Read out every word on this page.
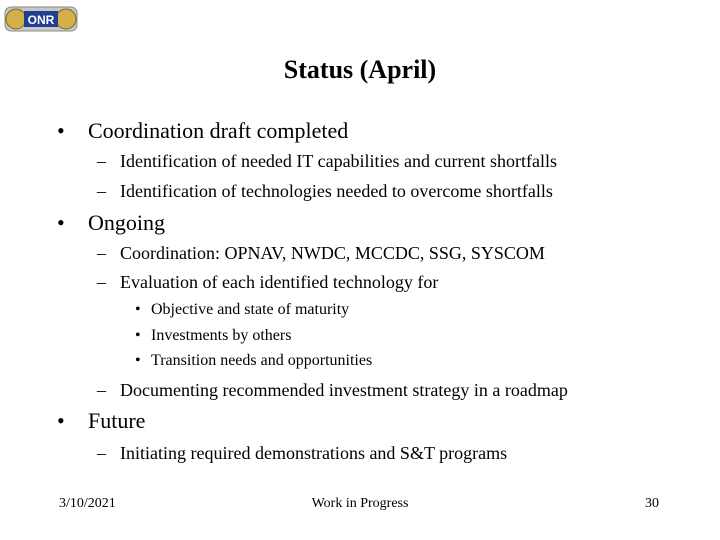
ONR
Status (April)
• Coordination draft completed
– Identification of needed IT capabilities and current shortfalls
– Identification of technologies needed to overcome shortfalls
• Ongoing
– Coordination: OPNAV, NWDC, MCCDC, SSG, SYSCOM
– Evaluation of each identified technology for
• Objective and state of maturity
• Investments by others
• Transition needs and opportunities
– Documenting recommended investment strategy in a roadmap
• Future
– Initiating required demonstrations and S&T programs
3/10/2021	Work in Progress	30
